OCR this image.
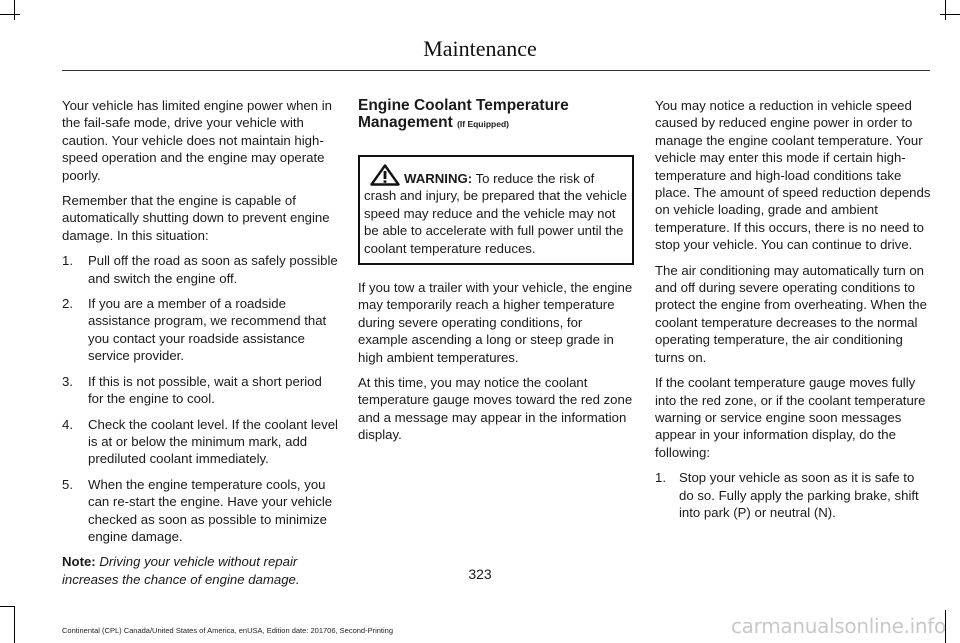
Maintenance

Your vehicle has limited engine power when in the fail-safe mode, drive your vehicle with caution. Your vehicle does not maintain high-speed operation and the engine may operate poorly.

Remember that the engine is capable of automatically shutting down to prevent engine damage. In this situation:

1. Pull off the road as soon as safely possible and switch the engine off.
2. If you are a member of a roadside assistance program, we recommend that you contact your roadside assistance service provider.
3. If this is not possible, wait a short period for the engine to cool.
4. Check the coolant level. If the coolant level is at or below the minimum mark, add prediluted coolant immediately.
5. When the engine temperature cools, you can re-start the engine. Have your vehicle checked as soon as possible to minimize engine damage.

Note: Driving your vehicle without repair increases the chance of engine damage.

Engine Coolant Temperature Management (If Equipped)
WARNING: To reduce the risk of crash and injury, be prepared that the vehicle speed may reduce and the vehicle may not be able to accelerate with full power until the coolant temperature reduces.

If you tow a trailer with your vehicle, the engine may temporarily reach a higher temperature during severe operating conditions, for example ascending a long or steep grade in high ambient temperatures.

At this time, you may notice the coolant temperature gauge moves toward the red zone and a message may appear in the information display.

You may notice a reduction in vehicle speed caused by reduced engine power in order to manage the engine coolant temperature. Your vehicle may enter this mode if certain high-temperature and high-load conditions take place. The amount of speed reduction depends on vehicle loading, grade and ambient temperature. If this occurs, there is no need to stop your vehicle. You can continue to drive.

The air conditioning may automatically turn on and off during severe operating conditions to protect the engine from overheating. When the coolant temperature decreases to the normal operating temperature, the air conditioning turns on.

If the coolant temperature gauge moves fully into the red zone, or if the coolant temperature warning or service engine soon messages appear in your information display, do the following:

1. Stop your vehicle as soon as it is safe to do so. Fully apply the parking brake, shift into park (P) or neutral (N).
323
Continental (CPL) Canada/United States of America, enUSA, Edition date: 201706, Second-Printing	carmanualsonline.info
